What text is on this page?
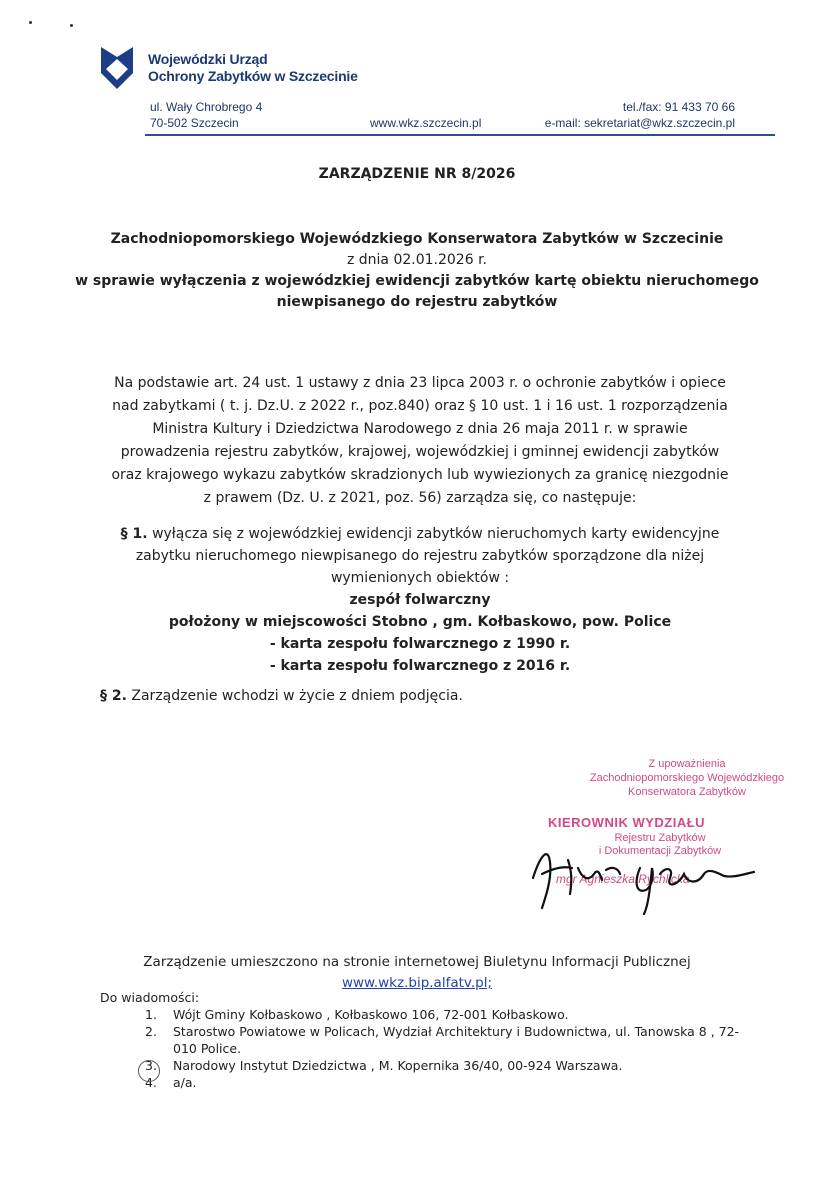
Wojewódzki Urząd
Ochrony Zabytków w Szczecinie
ul. Wały Chrobrego 4
70-502 Szczecin	www.wkz.szczecin.pl
tel./fax: 91 433 70 66
e-mail: sekretariat@wkz.szczecin.pl
ZARZĄDZENIE NR 8/2026
Zachodniopomorskiego Wojewódzkiego Konserwatora Zabytków w Szczecinie
z dnia 02.01.2026 r.
w sprawie wyłączenia z wojewódzkiej ewidencji zabytków kartę obiektu nieruchomego
niewpisanego do rejestru zabytków
Na podstawie art. 24 ust. 1 ustawy z dnia 23 lipca 2003 r. o ochronie zabytków i opiece nad zabytkami ( t. j. Dz.U. z 2022 r., poz.840) oraz § 10 ust. 1 i 16 ust. 1 rozporządzenia Ministra Kultury i Dziedzictwa Narodowego z dnia 26 maja 2011 r. w sprawie prowadzenia rejestru zabytków, krajowej, wojewódzkiej i gminnej ewidencji zabytków oraz krajowego wykazu zabytków skradzionych lub wywiezionych za granicę niezgodnie z prawem (Dz. U. z 2021, poz. 56) zarządza się, co następuje:
§ 1. wyłącza się z wojewódzkiej ewidencji zabytków nieruchomych karty ewidencyjne zabytku nieruchomego niewpisanego do rejestru zabytków sporządzone dla niżej wymienionych obiektów :
zespół folwarczny
położony w miejscowości Stobno , gm. Kołbaskowo, pow. Police
- karta zespołu folwarcznego z 1990 r.
- karta zespołu folwarcznego z 2016 r.
§ 2. Zarządzenie wchodzi w życie z dniem podjęcia.
Z upoważnienia
Zachodniopomorskiego Wojewódzkiego
Konserwatora Zabytków
KIEROWNIK WYDZIAŁU
Rejestru Zabytków
i Dokumentacji Zabytków
mgr Agnieszka Rychlicka
Zarządzenie umieszczono na stronie internetowej Biuletynu Informacji Publicznej
www.wkz.bip.alfatv.pl;
Do wiadomości:
1.	Wójt Gminy Kołbaskowo , Kołbaskowo 106, 72-001 Kołbaskowo.
2.	Starostwo Powiatowe w Policach, Wydział Architektury i Budownictwa, ul. Tanowska 8 , 72- 010 Police.
3.	Narodowy Instytut Dziedzictwa , M. Kopernika 36/40, 00-924 Warszawa.
4.	a/a.
